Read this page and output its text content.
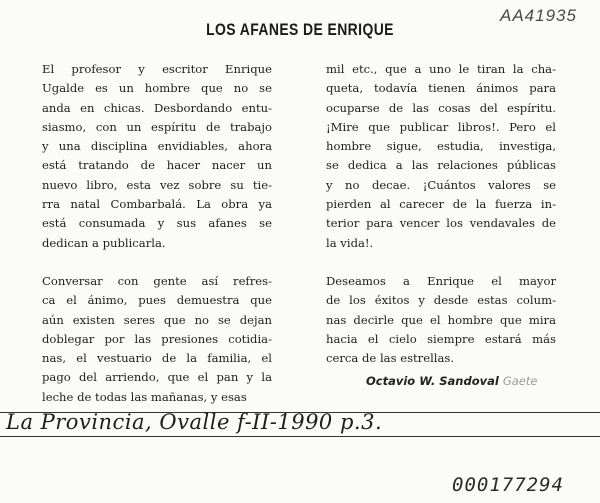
AA41935
LOS AFANES DE ENRIQUE

El profesor y escritor Enrique
Ugalde es un hombre que no se
anda en chicas. Desbordando entu-
siasmo, con un espíritu de trabajo
y una disciplina envidiables, ahora
está tratando de hacer nacer un
nuevo libro, esta vez sobre su tie-
rra natal Combarbalá. La obra ya
está consumada y sus afanes se
dedican a publicarla.

Conversar con gente así refres-
ca el ánimo, pues demuestra que
aún existen seres que no se dejan
doblegar por las presiones cotidia-
nas, el vestuario de la familia, el
pago del arriendo, que el pan y la
leche de todas las mañanas, y esas

mil etc., que a uno le tiran la cha-
queta, todavía tienen ánimos para
ocuparse de las cosas del espíritu.
¡Mire que publicar libros!. Pero el
hombre sigue, estudia, investiga,
se dedica a las relaciones públicas
y no decae. ¡Cuántos valores se
pierden al carecer de la fuerza in-
terior para vencer los vendavales de
la vida!.

Deseamos a Enrique el mayor
de los éxitos y desde estas colum-
nas decirle que el hombre que mira
hacia el cielo siempre estará más
cerca de las estrellas.

Octavio W. Sandoval Gaete
La Provincia, Ovalle f-II-1990 p.3.
000177294
